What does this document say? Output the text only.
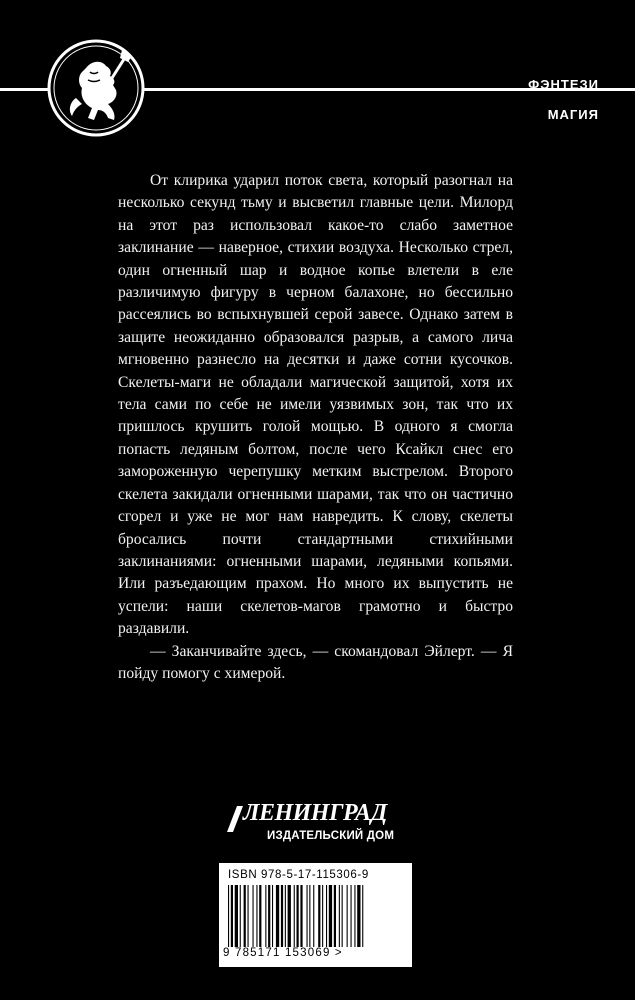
ФЭНТЕЗИ
МАГИЯ

От клирика ударил поток света, который разогнал на несколько секунд тьму и высветил главные цели. Милорд на этот раз использовал какое-то слабо заметное заклинание — наверное, стихии воздуха. Несколько стрел, один огненный шар и водное копье влетели в еле различимую фигуру в черном балахоне, но бессильно рассеялись во вспыхнувшей серой завесе. Однако затем в защите неожиданно образовался разрыв, а самого лича мгновенно разнесло на десятки и даже сотни кусочков. Скелеты-маги не обладали магической защитой, хотя их тела сами по себе не имели уязвимых зон, так что их пришлось крушить голой мощью. В одного я смогла попасть ледяным болтом, после чего Ксайкл снес его замороженную черепушку метким выстрелом. Второго скелета закидали огненными шарами, так что он частично сгорел и уже не мог нам навредить. К слову, скелеты бросались почти стандартными стихийными заклинаниями: огненными шарами, ледяными копьями. Или разъедающим прахом. Но много их выпустить не успели: наши скелетов-магов грамотно и быстро раздавили.

— Заканчивайте здесь, — скомандовал Эйлерт. — Я пойду помогу с химерой.

ЛЕНИНГРАД
ИЗДАТЕЛЬСКИЙ ДОМ
ISBN 978-5-17-115306-9
9 785171 153069 >
